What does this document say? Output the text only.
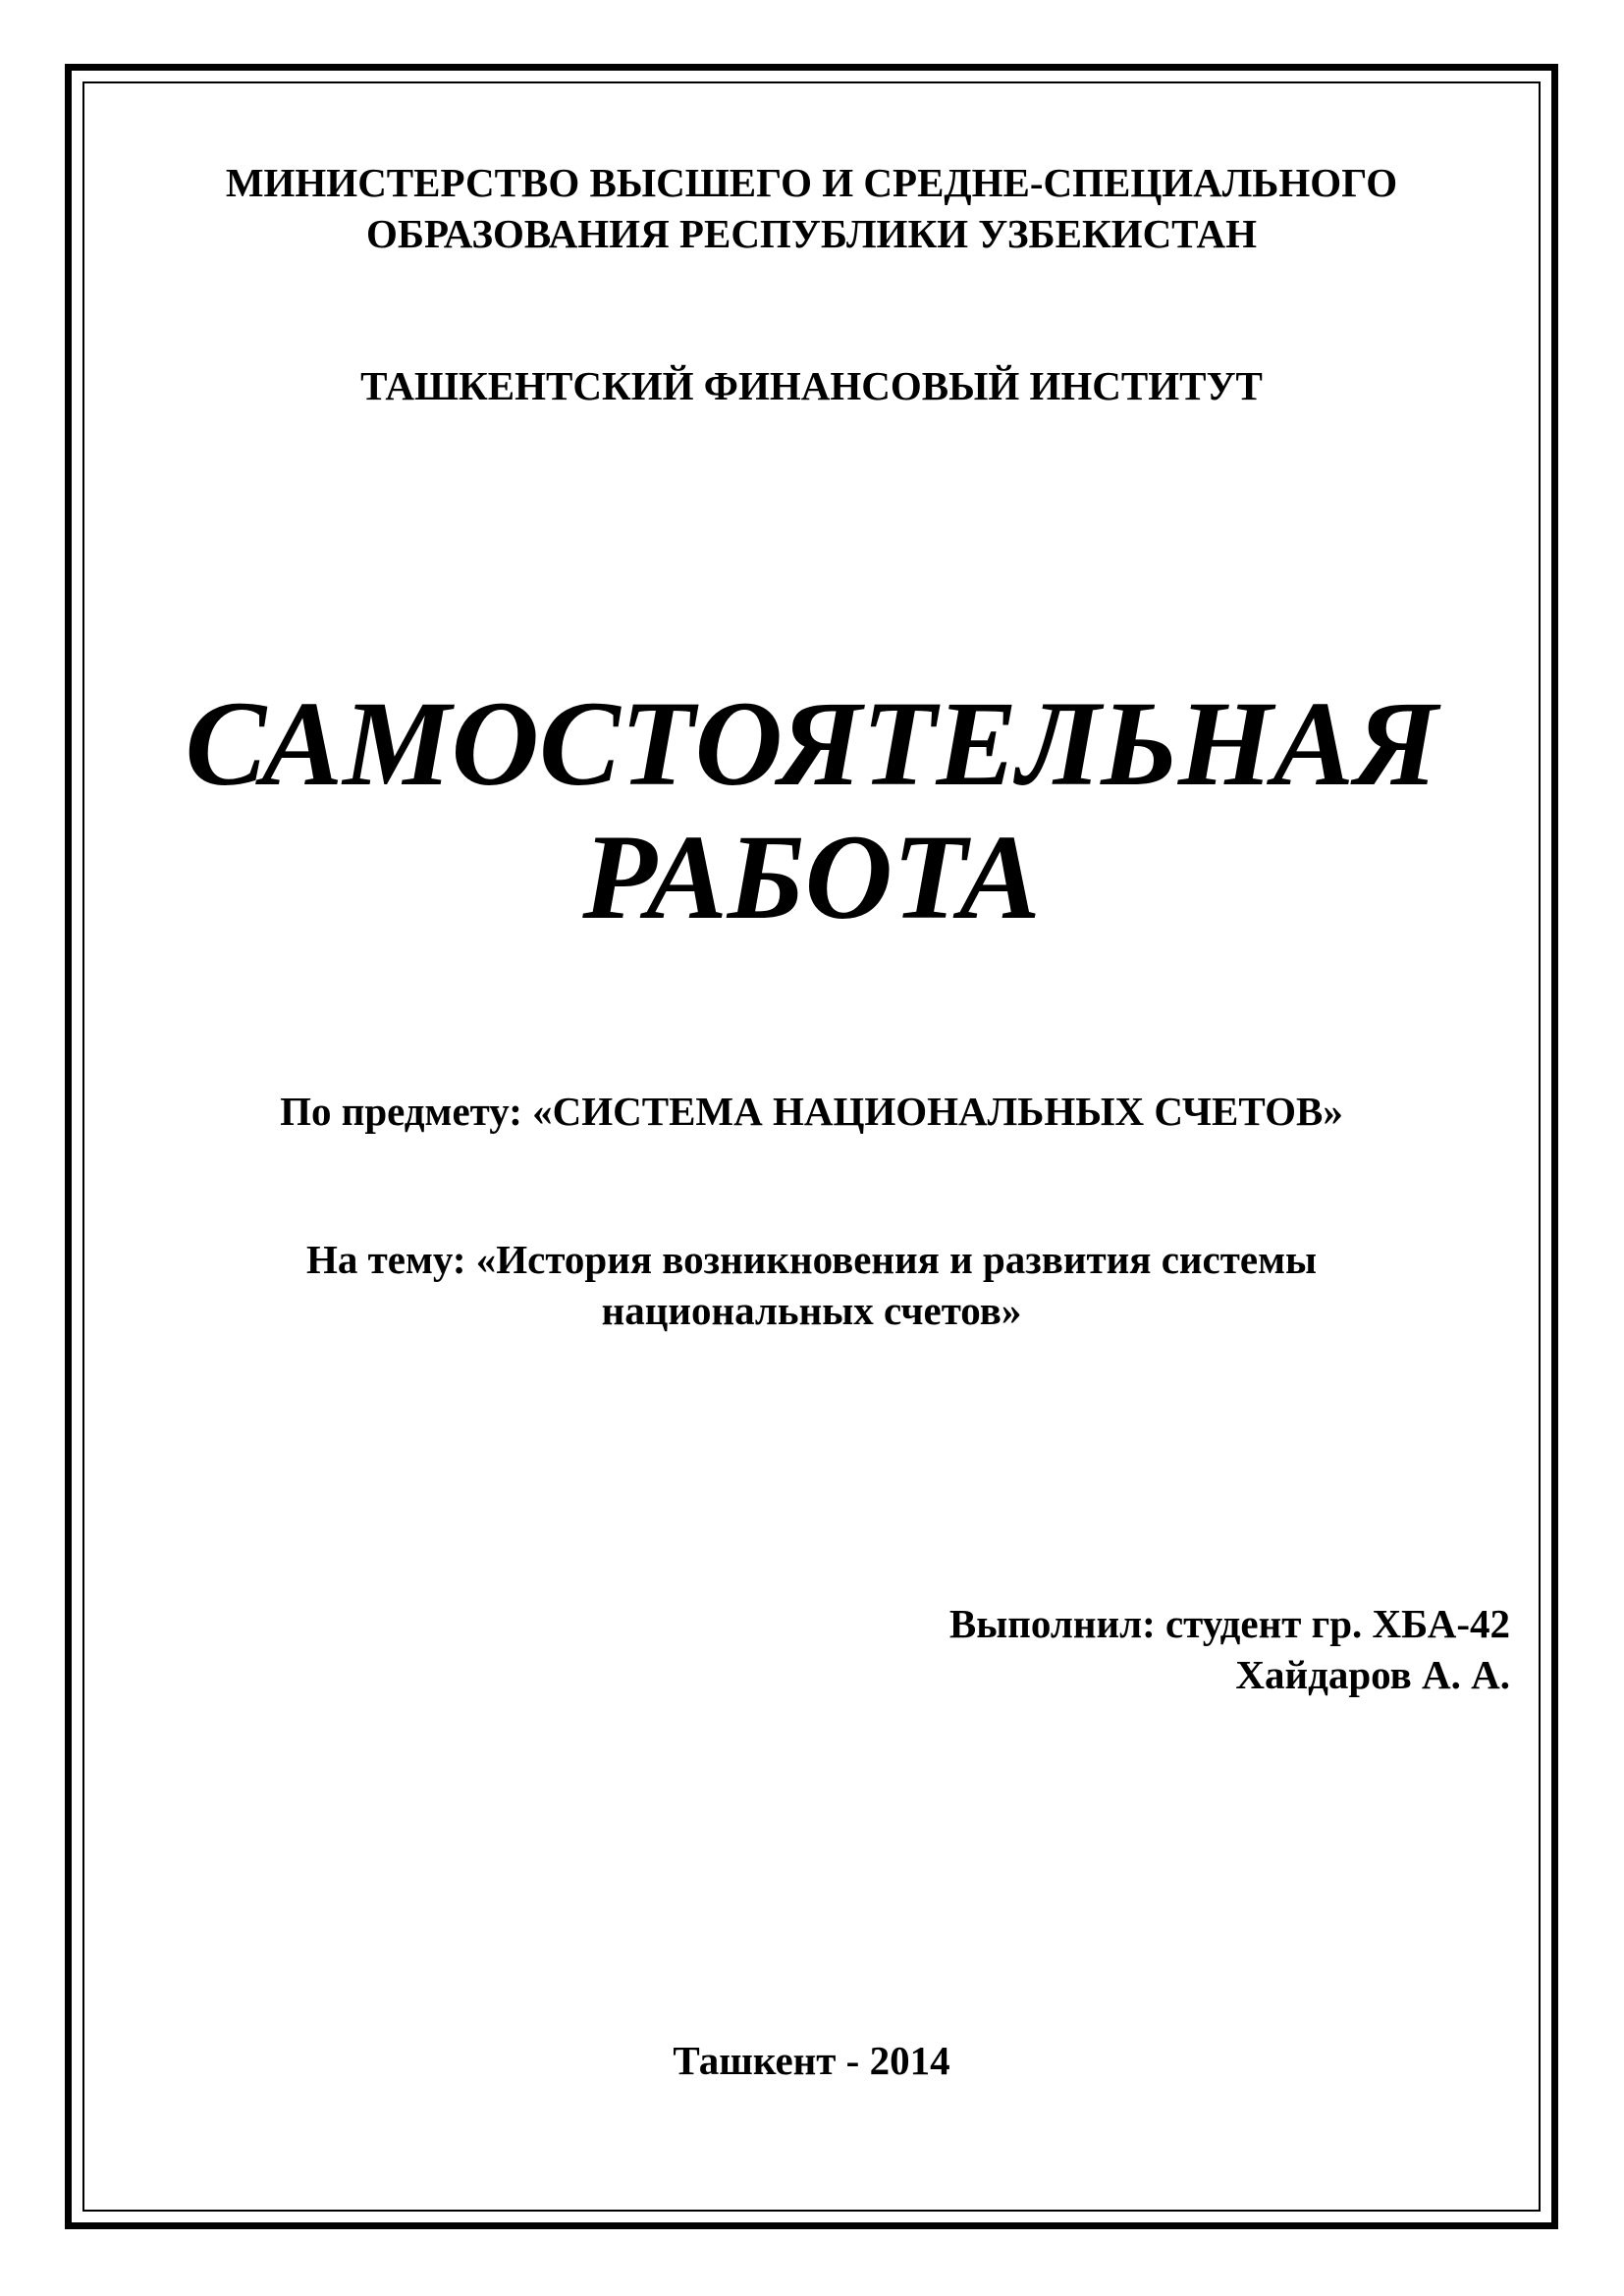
МИНИСТЕРСТВО ВЫСШЕГО И СРЕДНЕ-СПЕЦИАЛЬНОГО
ОБРАЗОВАНИЯ РЕСПУБЛИКИ УЗБЕКИСТАН
ТАШКЕНТСКИЙ ФИНАНСОВЫЙ ИНСТИТУТ
САМОСТОЯТЕЛЬНАЯ
РАБОТА
По предмету: «СИСТЕМА НАЦИОНАЛЬНЫХ СЧЕТОВ»
На тему: «История возникновения и развития системы
национальных счетов»
Выполнил: студент гр. ХБА-42
Хайдаров А. А.
Ташкент - 2014
